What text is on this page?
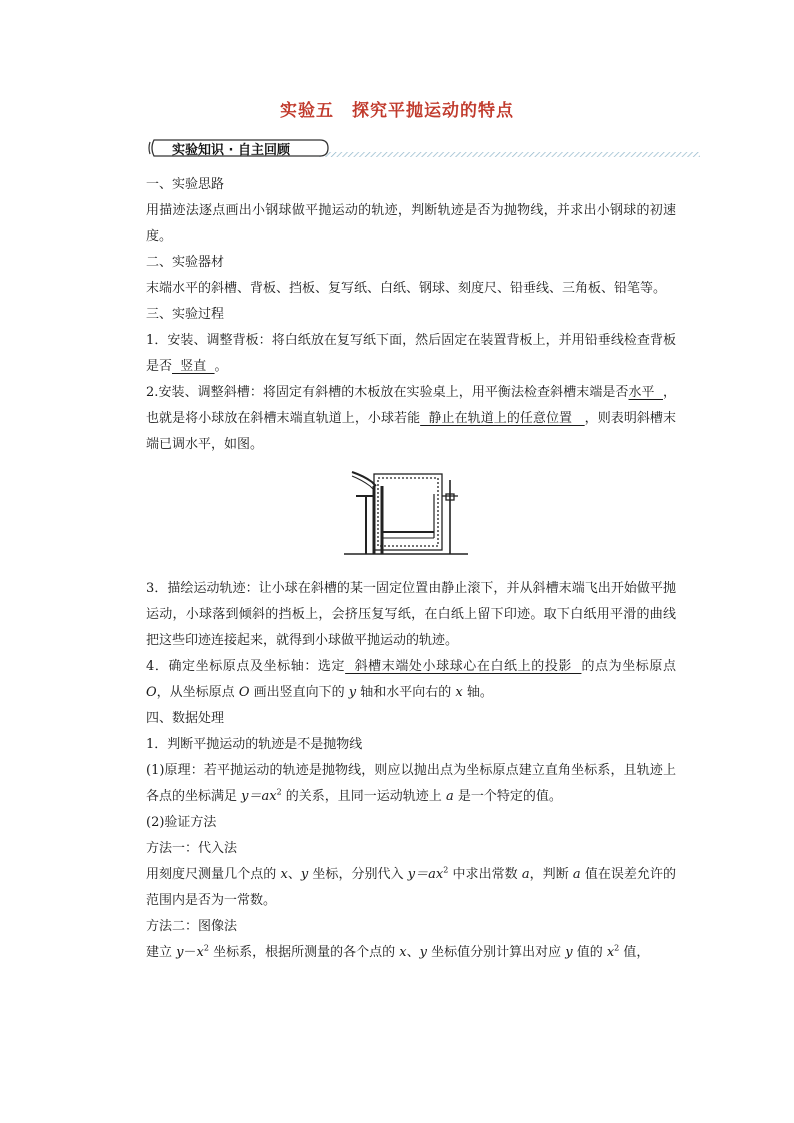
实验五　探究平抛运动的特点
实验知识 · 自主回顾

一、实验思路

用描迹法逐点画出小钢球做平抛运动的轨迹，判断轨迹是否为抛物线，并求出小钢球的初速度。

二、实验器材

末端水平的斜槽、背板、挡板、复写纸、白纸、钢球、刻度尺、铅垂线、三角板、铅笔等。

三、实验过程

1．安装、调整背板：将白纸放在复写纸下面，然后固定在装置背板上，并用铅垂线检查背板是否  竖直  。

2.安装、调整斜槽：将固定有斜槽的木板放在实验桌上，用平衡法检查斜槽末端是否水平  ，也就是将小球放在斜槽末端直轨道上，小球若能  静止在轨道上的任意位置   ，则表明斜槽末端已调水平，如图。

3．描绘运动轨迹：让小球在斜槽的某一固定位置由静止滚下，并从斜槽末端飞出开始做平抛运动，小球落到倾斜的挡板上，会挤压复写纸，在白纸上留下印迹。取下白纸用平滑的曲线把这些印迹连接起来，就得到小球做平抛运动的轨迹。

4．确定坐标原点及坐标轴：选定  斜槽末端处小球球心在白纸上的投影  的点为坐标原点 O，从坐标原点 O 画出竖直向下的 y 轴和水平向右的 x 轴。

四、数据处理

1．判断平抛运动的轨迹是不是抛物线

(1)原理：若平抛运动的轨迹是抛物线，则应以抛出点为坐标原点建立直角坐标系，且轨迹上各点的坐标满足 $y=ax^2$ 的关系，且同一运动轨迹上 a 是一个特定的值。

(2)验证方法

方法一：代入法

用刻度尺测量几个点的 x、y 坐标，分别代入 $y=ax^2$ 中求出常数 a，判断 a 值在误差允许的范围内是否为一常数。

方法二：图像法

建立 $y-x^2$ 坐标系，根据所测量的各个点的 x、y 坐标值分别计算出对应 y 值的 $x^2$ 值，
